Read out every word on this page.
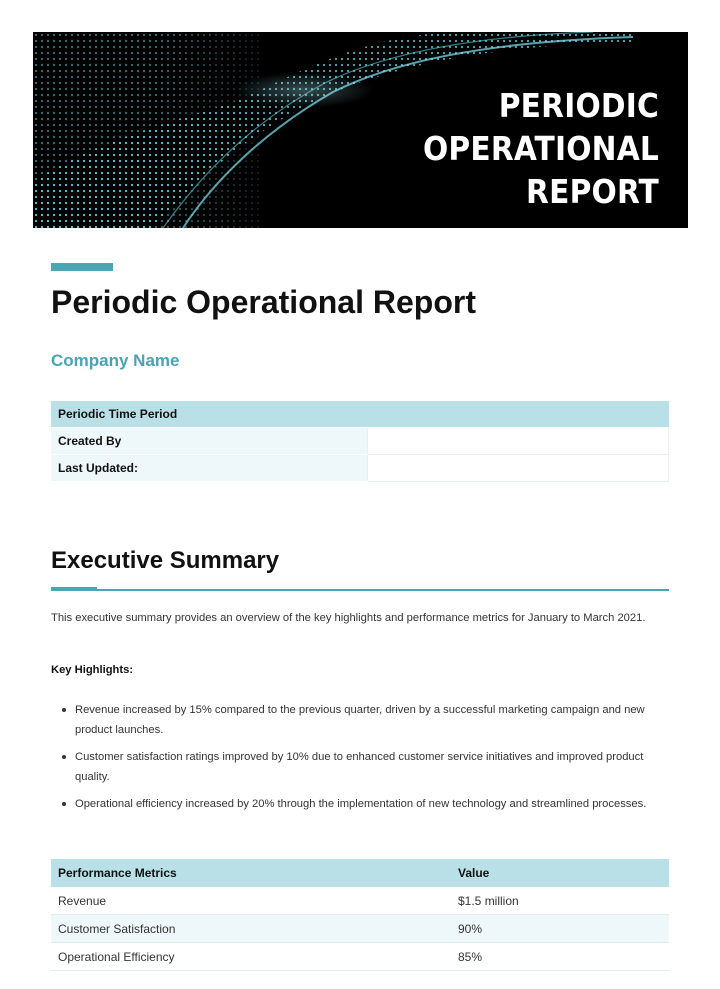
PERIODIC
OPERATIONAL
REPORT
Periodic Operational Report
Company Name
Periodic Time Period	
Created By	
Last Updated:	
Executive Summary

This executive summary provides an overview of the key highlights and performance metrics for January to March 2021.

Key Highlights:

Revenue increased by 15% compared to the previous quarter, driven by a successful marketing campaign and new product launches.
Customer satisfaction ratings improved by 10% due to enhanced customer service initiatives and improved product quality.
Operational efficiency increased by 20% through the implementation of new technology and streamlined processes.
Performance Metrics	Value
Revenue	$1.5 million
Customer Satisfaction	90%
Operational Efficiency	85%
